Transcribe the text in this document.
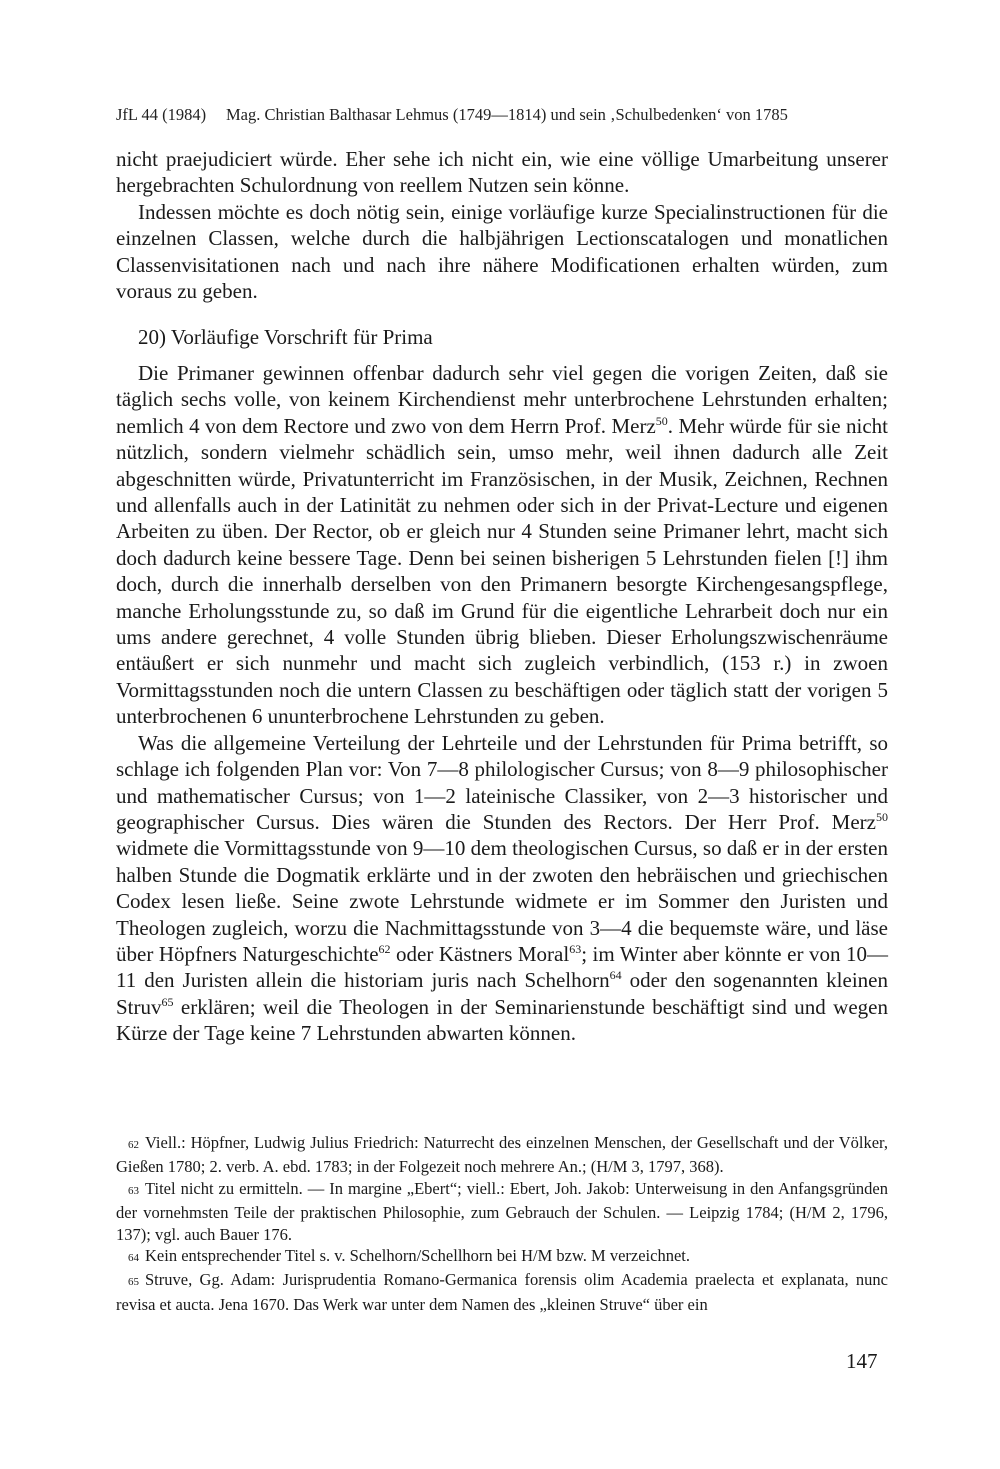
JfL 44 (1984) Mag. Christian Balthasar Lehmus (1749—1814) und sein ‚Schulbedenken‘ von 1785

nicht praejudiciert würde. Eher sehe ich nicht ein, wie eine völlige Umarbeitung unserer hergebrachten Schulordnung von reellem Nutzen sein könne.

Indessen möchte es doch nötig sein, einige vorläufige kurze Specialinstructionen für die einzelnen Classen, welche durch die halbjährigen Lectionscatalogen und monatlichen Classenvisitationen nach und nach ihre nähere Modificationen erhalten würden, zum voraus zu geben.

20) Vorläufige Vorschrift für Prima

Die Primaner gewinnen offenbar dadurch sehr viel gegen die vorigen Zeiten, daß sie täglich sechs volle, von keinem Kirchendienst mehr unterbrochene Lehrstunden erhalten; nemlich 4 von dem Rectore und zwo von dem Herrn Prof. Merz$^{50}$. Mehr würde für sie nicht nützlich, sondern vielmehr schädlich sein, umso mehr, weil ihnen dadurch alle Zeit abgeschnitten würde, Privatunterricht im Französischen, in der Musik, Zeichnen, Rechnen und allenfalls auch in der Latinität zu nehmen oder sich in der Privat-Lecture und eigenen Arbeiten zu üben. Der Rector, ob er gleich nur 4 Stunden seine Primaner lehrt, macht sich doch dadurch keine bessere Tage. Denn bei seinen bisherigen 5 Lehrstunden fielen [!] ihm doch, durch die innerhalb derselben von den Primanern besorgte Kirchengesangspflege, manche Erholungsstunde zu, so daß im Grund für die eigentliche Lehrarbeit doch nur ein ums andere gerechnet, 4 volle Stunden übrig blieben. Dieser Erholungszwischenräume entäußert er sich nunmehr und macht sich zugleich verbindlich, (153 r.) in zwoen Vormittagsstunden noch die untern Classen zu beschäftigen oder täglich statt der vorigen 5 unterbrochenen 6 ununterbrochene Lehrstunden zu geben.

Was die allgemeine Verteilung der Lehrteile und der Lehrstunden für Prima betrifft, so schlage ich folgenden Plan vor: Von 7—8 philologischer Cursus; von 8—9 philosophischer und mathematischer Cursus; von 1—2 lateinische Classiker, von 2—3 historischer und geographischer Cursus. Dies wären die Stunden des Rectors. Der Herr Prof. Merz$^{50}$ widmete die Vormittagsstunde von 9—10 dem theologischen Cursus, so daß er in der ersten halben Stunde die Dogmatik erklärte und in der zwoten den hebräischen und griechischen Codex lesen ließe. Seine zwote Lehrstunde widmete er im Sommer den Juristen und Theologen zugleich, worzu die Nachmittagsstunde von 3—4 die bequemste wäre, und läse über Höpfners Naturgeschichte$^{62}$ oder Kästners Moral$^{63}$; im Winter aber könnte er von 10—11 den Juristen allein die historiam juris nach Schelhorn$^{64}$ oder den sogenannten kleinen Struv$^{65}$ erklären; weil die Theologen in der Seminarienstunde beschäftigt sind und wegen Kürze der Tage keine 7 Lehrstunden abwarten können.

62 Viell.: Höpfner, Ludwig Julius Friedrich: Naturrecht des einzelnen Menschen, der Gesellschaft und der Völker, Gießen 1780; 2. verb. A. ebd. 1783; in der Folgezeit noch mehrere An.; (H/M 3, 1797, 368).

63 Titel nicht zu ermitteln. — In margine „Ebert“; viell.: Ebert, Joh. Jakob: Unterweisung in den Anfangsgründen der vornehmsten Teile der praktischen Philosophie, zum Gebrauch der Schulen. — Leipzig 1784; (H/M 2, 1796, 137); vgl. auch Bauer 176.

64 Kein entsprechender Titel s. v. Schelhorn/Schellhorn bei H/M bzw. M verzeichnet.

65 Struve, Gg. Adam: Jurisprudentia Romano-Germanica forensis olim Academia praelecta et explanata, nunc revisa et aucta. Jena 1670. Das Werk war unter dem Namen des „kleinen Struve“ über ein

147
